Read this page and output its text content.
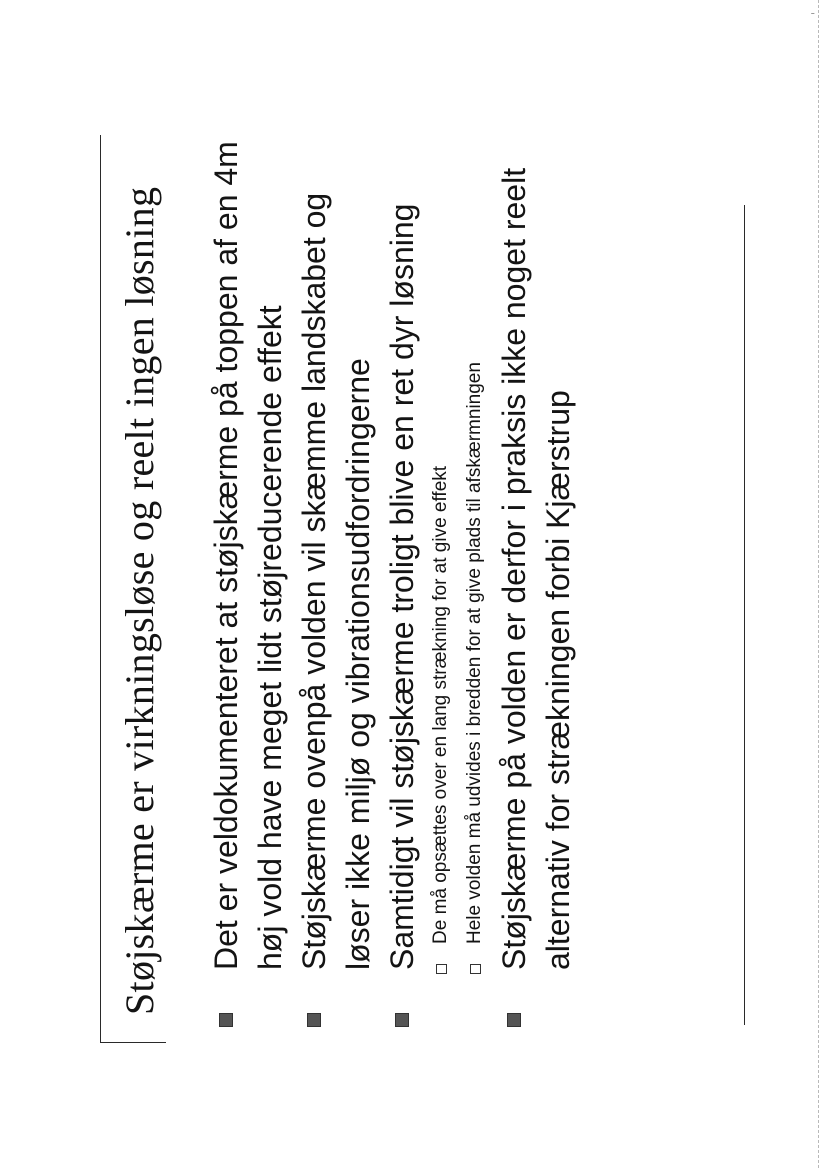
-
Støjskærme er virkningsløse og reelt ingen løsning Det er veldokumenteret at støjskærme på toppen af en 4m høj vold have meget lidt støjreducerende effekt Støjskærme ovenpå volden vil skæmme landskabet og løser ikke miljø og vibrationsudfordringerne Samtidigt vil støjskærme troligt blive en ret dyr løsning De må opsættes over en lang strækning for at give effekt Hele volden må udvides i bredden for at give plads til afskærmningen Støjskærme på volden er derfor i praksis ikke noget reelt alternativ for strækningen forbi Kjærstrup
